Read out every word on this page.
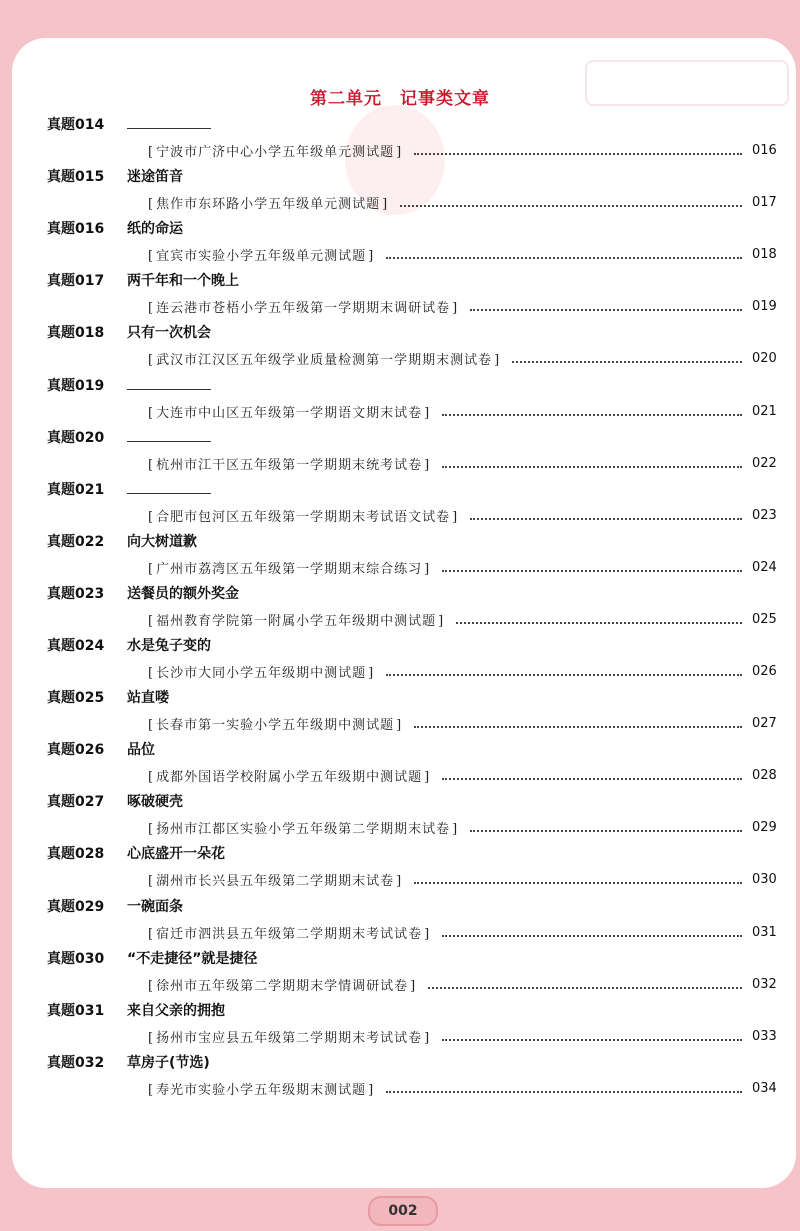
第二单元　记事类文章
真题014
[ 宁波市广济中心小学五年级单元测试题 ]	016
真题015 迷途笛音
[ 焦作市东环路小学五年级单元测试题 ]	017
真题016 纸的命运
[ 宜宾市实验小学五年级单元测试题 ]	018
真题017 两千年和一个晚上
[ 连云港市苍梧小学五年级第一学期期末调研试卷 ]	019
真题018 只有一次机会
[ 武汉市江汉区五年级学业质量检测第一学期期末测试卷 ]	020
真题019
[ 大连市中山区五年级第一学期语文期末试卷 ]	021
真题020
[ 杭州市江干区五年级第一学期期末统考试卷 ]	022
真题021
[ 合肥市包河区五年级第一学期期末考试语文试卷 ]	023
真题022 向大树道歉
[ 广州市荔湾区五年级第一学期期末综合练习 ]	024
真题023 送餐员的额外奖金
[ 福州教育学院第一附属小学五年级期中测试题 ]	025
真题024 水是兔子变的
[ 长沙市大同小学五年级期中测试题 ]	026
真题025 站直喽
[ 长春市第一实验小学五年级期中测试题 ]	027
真题026 品位
[ 成都外国语学校附属小学五年级期中测试题 ]	028
真题027 啄破硬壳
[ 扬州市江都区实验小学五年级第二学期期末试卷 ]	029
真题028 心底盛开一朵花
[ 湖州市长兴县五年级第二学期期末试卷 ]	030
真题029 一碗面条
[ 宿迁市泗洪县五年级第二学期期末考试试卷 ]	031
真题030 “不走捷径”就是捷径
[ 徐州市五年级第二学期期末学情调研试卷 ]	032
真题031 来自父亲的拥抱
[ 扬州市宝应县五年级第二学期期末考试试卷 ]	033
真题032 草房子(节选)
[ 寿光市实验小学五年级期末测试题 ]	034
002
